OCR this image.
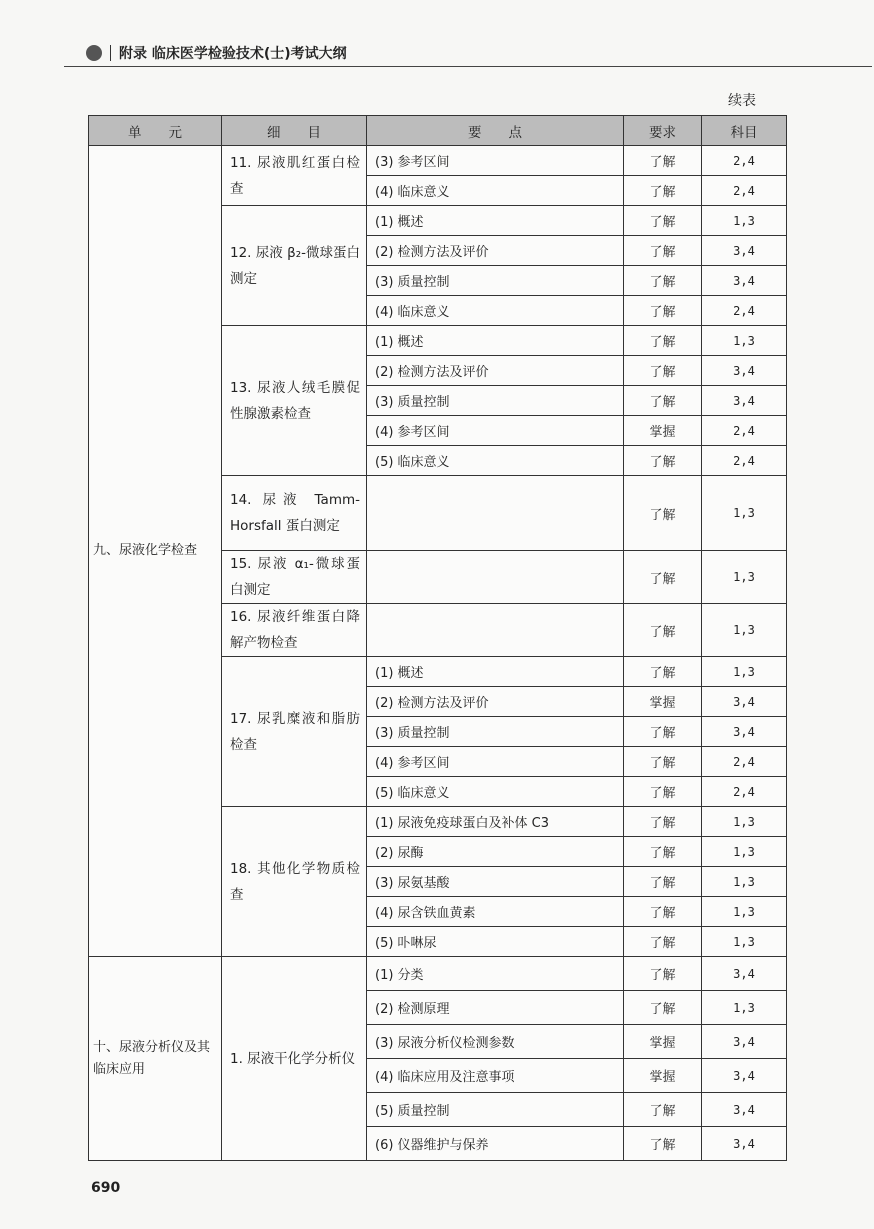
附录 临床医学检验技术(士)考试大纲
续表
单　　元	细　　目	要　　点	要求	科目
九、尿液化学检查	11. 尿液肌红蛋白检查	(3) 参考区间	了解	2,4
		(4) 临床意义	了解	2,4
	12. 尿液 β₂-微球蛋白测定	(1) 概述	了解	1,3
		(2) 检测方法及评价	了解	3,4
		(3) 质量控制	了解	3,4
		(4) 临床意义	了解	2,4
	13. 尿液人绒毛膜促性腺激素检查	(1) 概述	了解	1,3
		(2) 检测方法及评价	了解	3,4
		(3) 质量控制	了解	3,4
		(4) 参考区间	掌握	2,4
		(5) 临床意义	了解	2,4
	14. 尿液 Tamm-Horsfall 蛋白测定		了解	1,3
	15. 尿液 α₁-微球蛋白测定		了解	1,3
	16. 尿液纤维蛋白降解产物检查		了解	1,3
	17. 尿乳糜液和脂肪检查	(1) 概述	了解	1,3
		(2) 检测方法及评价	掌握	3,4
		(3) 质量控制	了解	3,4
		(4) 参考区间	了解	2,4
		(5) 临床意义	了解	2,4
	18. 其他化学物质检查	(1) 尿液免疫球蛋白及补体 C3	了解	1,3
		(2) 尿酶	了解	1,3
		(3) 尿氨基酸	了解	1,3
		(4) 尿含铁血黄素	了解	1,3
		(5) 卟啉尿	了解	1,3
十、尿液分析仪及其临床应用	1. 尿液干化学分析仪	(1) 分类	了解	3,4
		(2) 检测原理	了解	1,3
		(3) 尿液分析仪检测参数	掌握	3,4
		(4) 临床应用及注意事项	掌握	3,4
		(5) 质量控制	了解	3,4
		(6) 仪器维护与保养	了解	3,4
690
